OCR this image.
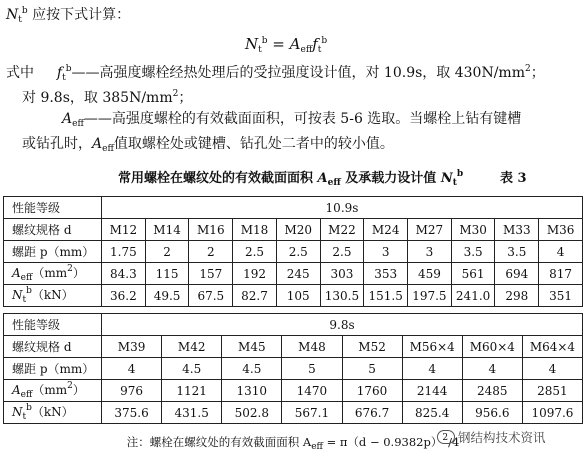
$N_t^b$ 应按下式计算：
$N_t^b = A_{eff}f_t^b$
式中 $f_t^b——$高强度螺栓经热处理后的受拉强度设计值，对 10.9s，取 $430N/mm^2$；
对 9.8s，取 $385N/mm^2$；
$A_{eff}——$高强度螺栓的有效截面面积，可按表 5-6 选取。当螺栓上钻有键槽
或钻孔时，$A_{eff}$值取螺栓处或键槽、钻孔处二者中的较小值。
常用螺栓在螺纹处的有效截面面积 $A_{eff}$ 及承载力设计值 $N_t^b$	表 3
性能等级	10.9s										
螺纹规格 d	M12	M14	M16	M18	M20	M22	M24	M27	M30	M33	M36
螺距 p（mm）	1.75	2	2	2.5	2.5	2.5	3	3	3.5	3.5	4
$A_{eff}(mm^2)$	84.3	115	157	192	245	303	353	459	561	694	817
$N_t^b(kN)$	36.2	49.5	67.5	82.7	105	130.5	151.5	197.5	241.0	298	351
性能等级	9.8s							
螺纹规格 d	M39	M42	M45	M48	M52	M56×4	M60×4	M64×4
螺距 p（mm）	4	4.5	4.5	5	5	4	4	4
$A_{eff}(mm^2)$	976	1121	1310	1470	1760	2144	2485	2851
$N_t^b(kN)$	375.6	431.5	502.8	567.1	676.7	825.4	956.6	1097.6
注：螺栓在螺纹处的有效截面面积 $A_{eff} = \pi(d - 0.9382p)^2/4$
钢结构技术资讯
